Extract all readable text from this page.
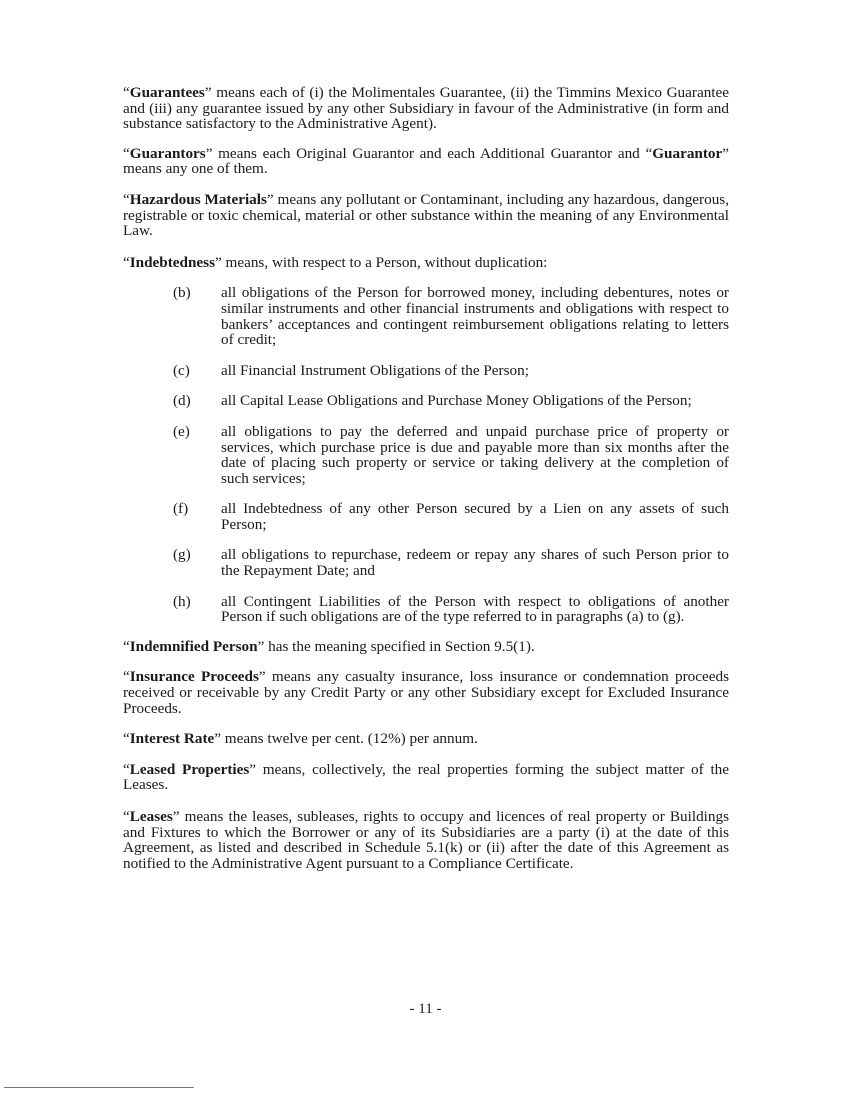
“Guarantees” means each of (i) the Molimentales Guarantee, (ii) the Timmins Mexico Guarantee and (iii) any guarantee issued by any other Subsidiary in favour of the Administrative (in form and substance satisfactory to the Administrative Agent).

“Guarantors” means each Original Guarantor and each Additional Guarantor and “Guarantor” means any one of them.

“Hazardous Materials” means any pollutant or Contaminant, including any hazardous, dangerous, registrable or toxic chemical, material or other substance within the meaning of any Environmental Law.

“Indebtedness” means, with respect to a Person, without duplication:

(b) all obligations of the Person for borrowed money, including debentures, notes or similar instruments and other financial instruments and obligations with respect to bankers’ acceptances and contingent reimbursement obligations relating to letters of credit;
(c) all Financial Instrument Obligations of the Person;
(d) all Capital Lease Obligations and Purchase Money Obligations of the Person;
(e) all obligations to pay the deferred and unpaid purchase price of property or services, which purchase price is due and payable more than six months after the date of placing such property or service or taking delivery at the completion of such services;
(f) all Indebtedness of any other Person secured by a Lien on any assets of such Person;
(g) all obligations to repurchase, redeem or repay any shares of such Person prior to the Repayment Date; and
(h) all Contingent Liabilities of the Person with respect to obligations of another Person if such obligations are of the type referred to in paragraphs (a) to (g).

“Indemnified Person” has the meaning specified in Section 9.5(1).

“Insurance Proceeds” means any casualty insurance, loss insurance or condemnation proceeds received or receivable by any Credit Party or any other Subsidiary except for Excluded Insurance Proceeds.

“Interest Rate” means twelve per cent. (12%) per annum.

“Leased Properties” means, collectively, the real properties forming the subject matter of the Leases.

“Leases” means the leases, subleases, rights to occupy and licences of real property or Buildings and Fixtures to which the Borrower or any of its Subsidiaries are a party (i) at the date of this Agreement, as listed and described in Schedule 5.1(k) or (ii) after the date of this Agreement as notified to the Administrative Agent pursuant to a Compliance Certificate.

- 11 -
